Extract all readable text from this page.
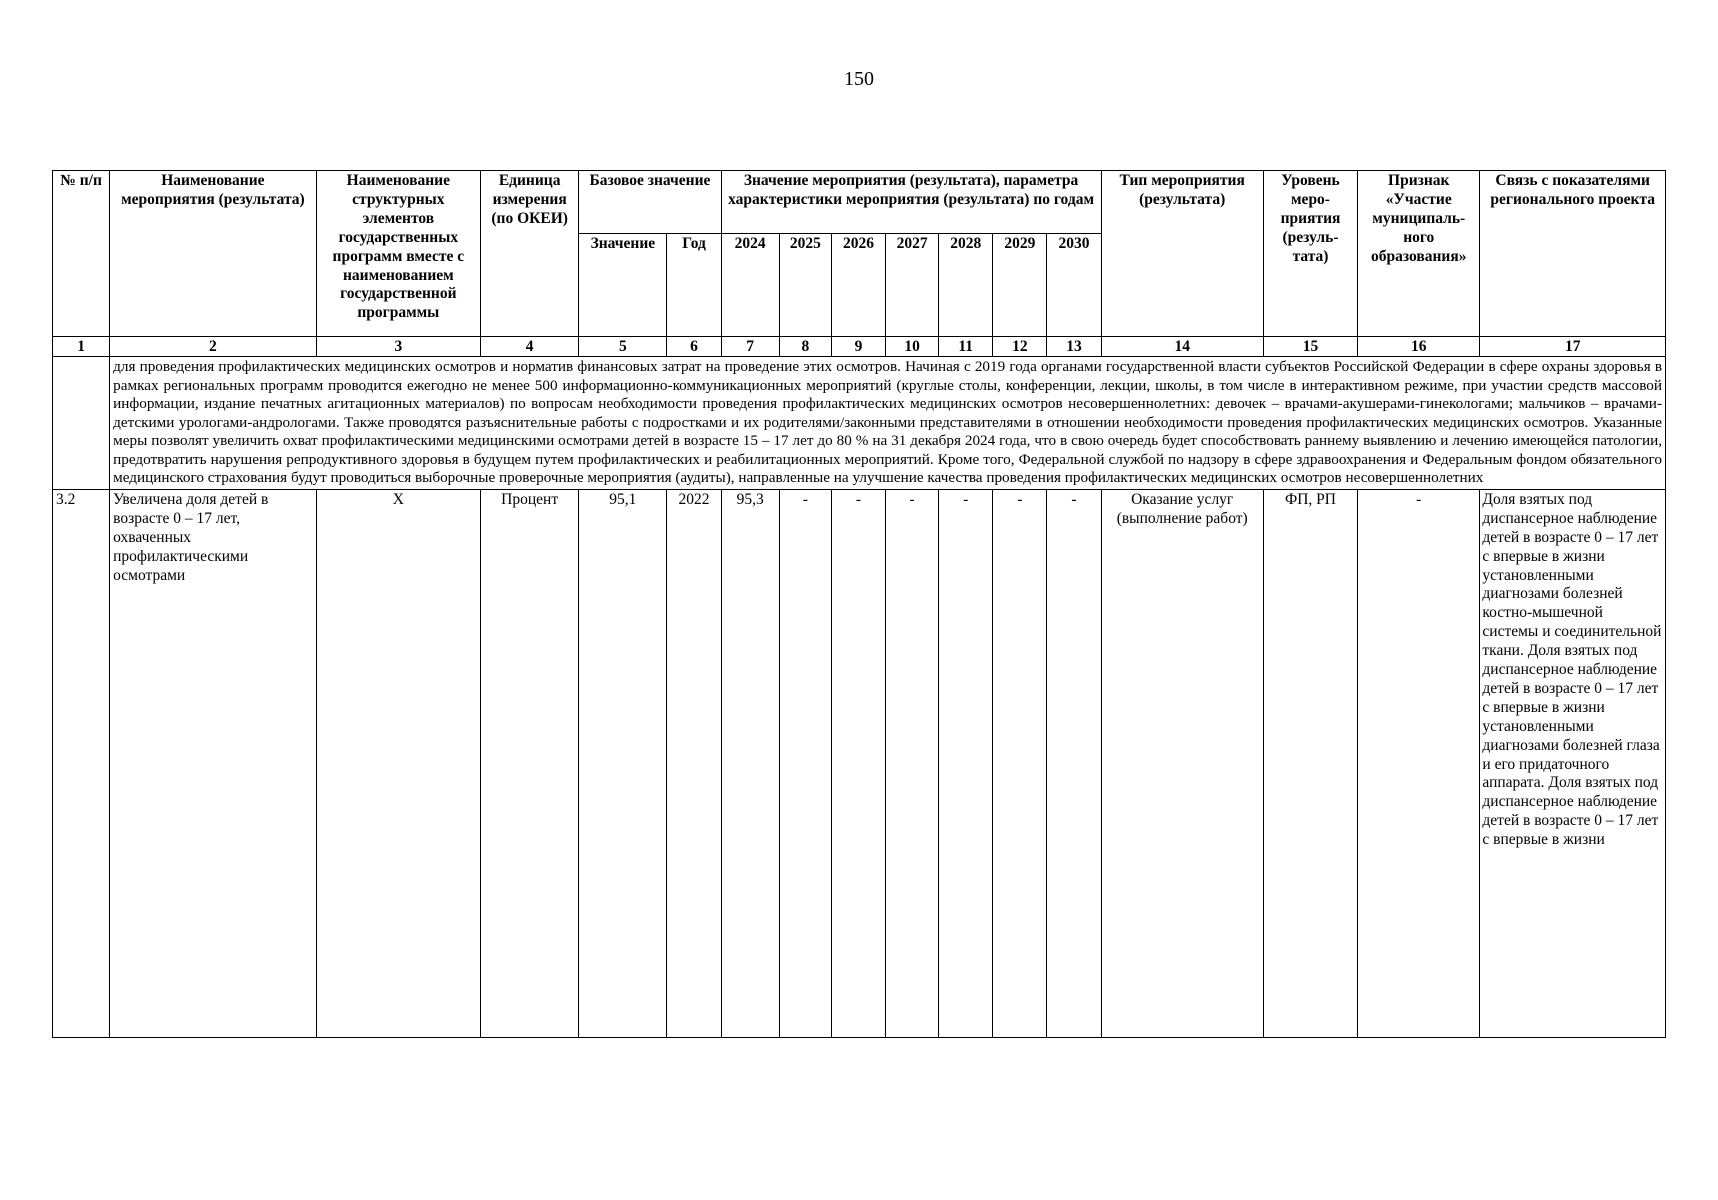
150
№ п/п	Наименование мероприятия (результата)	Наименование структурных элементов государственных программ вместе с наименованием государственной программы	Единица измерения (по ОКЕИ)	Базовое значение		Значение мероприятия (результата), параметра характеристики мероприятия (результата) по годам							Тип мероприятия (результата)	Уровень меро- приятия (резуль- тата)	Признак «Участие муниципаль- ного образования»	Связь с показателями регионального проекта
				Значение	Год	2024	2025	2026	2027	2028	2029	2030				
1	2	3	4	5	6	7	8	9	10	11	12	13	14	15	16	17
	для проведения профилактических медицинских осмотров и норматив финансовых затрат на проведение этих осмотров. Начиная с 2019 года органами государственной власти субъектов Российской Федерации в сфере охраны здоровья в рамках региональных программ проводится ежегодно не менее 500 информационно-коммуникационных мероприятий (круглые столы, конференции, лекции, школы, в том числе в интерактивном режиме, при участии средств массовой информации, издание печатных агитационных материалов) по вопросам необходимости проведения профилактических медицинских осмотров несовершеннолетних: девочек – врачами-акушерами-гинекологами; мальчиков – врачами-детскими урологами-андрологами. Также проводятся разъяснительные работы с подростками и их родителями/законными представителями в отношении необходимости проведения профилактических медицинских осмотров. Указанные меры позволят увеличить охват профилактическими медицинскими осмотрами детей в возрасте 15 – 17 лет до 80 % на 31 декабря 2024 года, что в свою очередь будет способствовать раннему выявлению и лечению имеющейся патологии, предотвратить нарушения репродуктивного здоровья в будущем путем профилактических и реабилитационных мероприятий. Кроме того, Федеральной службой по надзору в сфере здравоохранения и Федеральным фондом обязательного медицинского страхования будут проводиться выборочные проверочные мероприятия (аудиты), направленные на улучшение качества проведения профилактических медицинских осмотров несовершеннолетних															
3.2	Увеличена доля детей в возрасте 0 – 17 лет, охваченных профилактическими осмотрами	X	Процент	95,1	2022	95,3	-	-	-	-	-	-	Оказание услуг (выполнение работ)	ФП, РП	-	Доля взятых под диспансерное наблюдение детей в возрасте 0 – 17 лет с впервые в жизни установленными диагнозами болезней костно-мышечной системы и соединительной ткани. Доля взятых под диспансерное наблюдение детей в возрасте 0 – 17 лет с впервые в жизни установленными диагнозами болезней глаза и его придаточного аппарата. Доля взятых под диспансерное наблюдение детей в возрасте 0 – 17 лет с впервые в жизни
